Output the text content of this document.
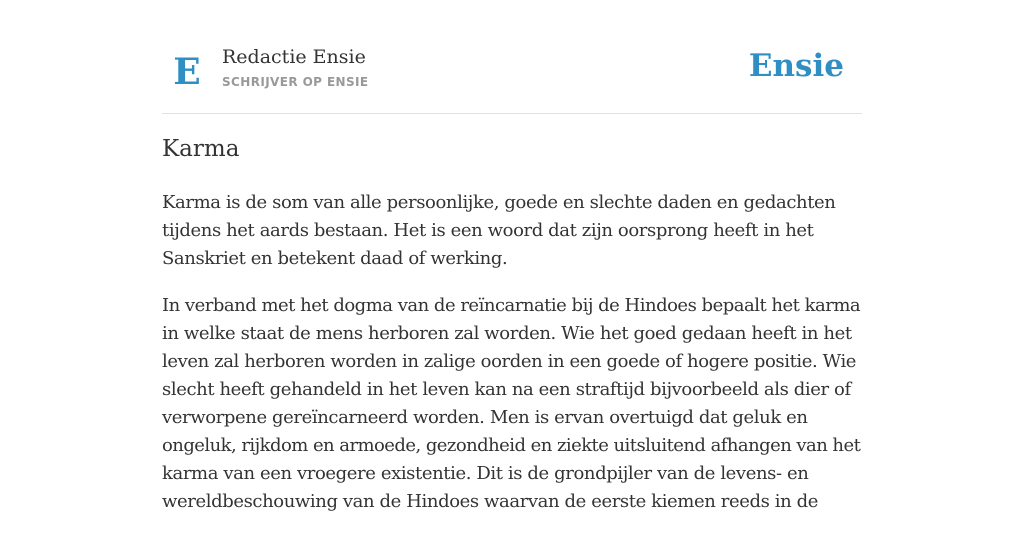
E Redactie Ensie
SCHRIJVER OP ENSIE	Ensie
Karma

Karma is de som van alle persoonlijke, goede en slechte daden en gedachten
tijdens het aards bestaan. Het is een woord dat zijn oorsprong heeft in het
Sanskriet en betekent daad of werking.

In verband met het dogma van de reïncarnatie bij de Hindoes bepaalt het karma
in welke staat de mens herboren zal worden. Wie het goed gedaan heeft in het
leven zal herboren worden in zalige oorden in een goede of hogere positie. Wie
slecht heeft gehandeld in het leven kan na een straftijd bijvoorbeeld als dier of
verworpene gereïncarneerd worden. Men is ervan overtuigd dat geluk en
ongeluk, rijkdom en armoede, gezondheid en ziekte uitsluitend afhangen van het
karma van een vroegere existentie. Dit is de grondpijler van de levens- en
wereldbeschouwing van de Hindoes waarvan de eerste kiemen reeds in de
